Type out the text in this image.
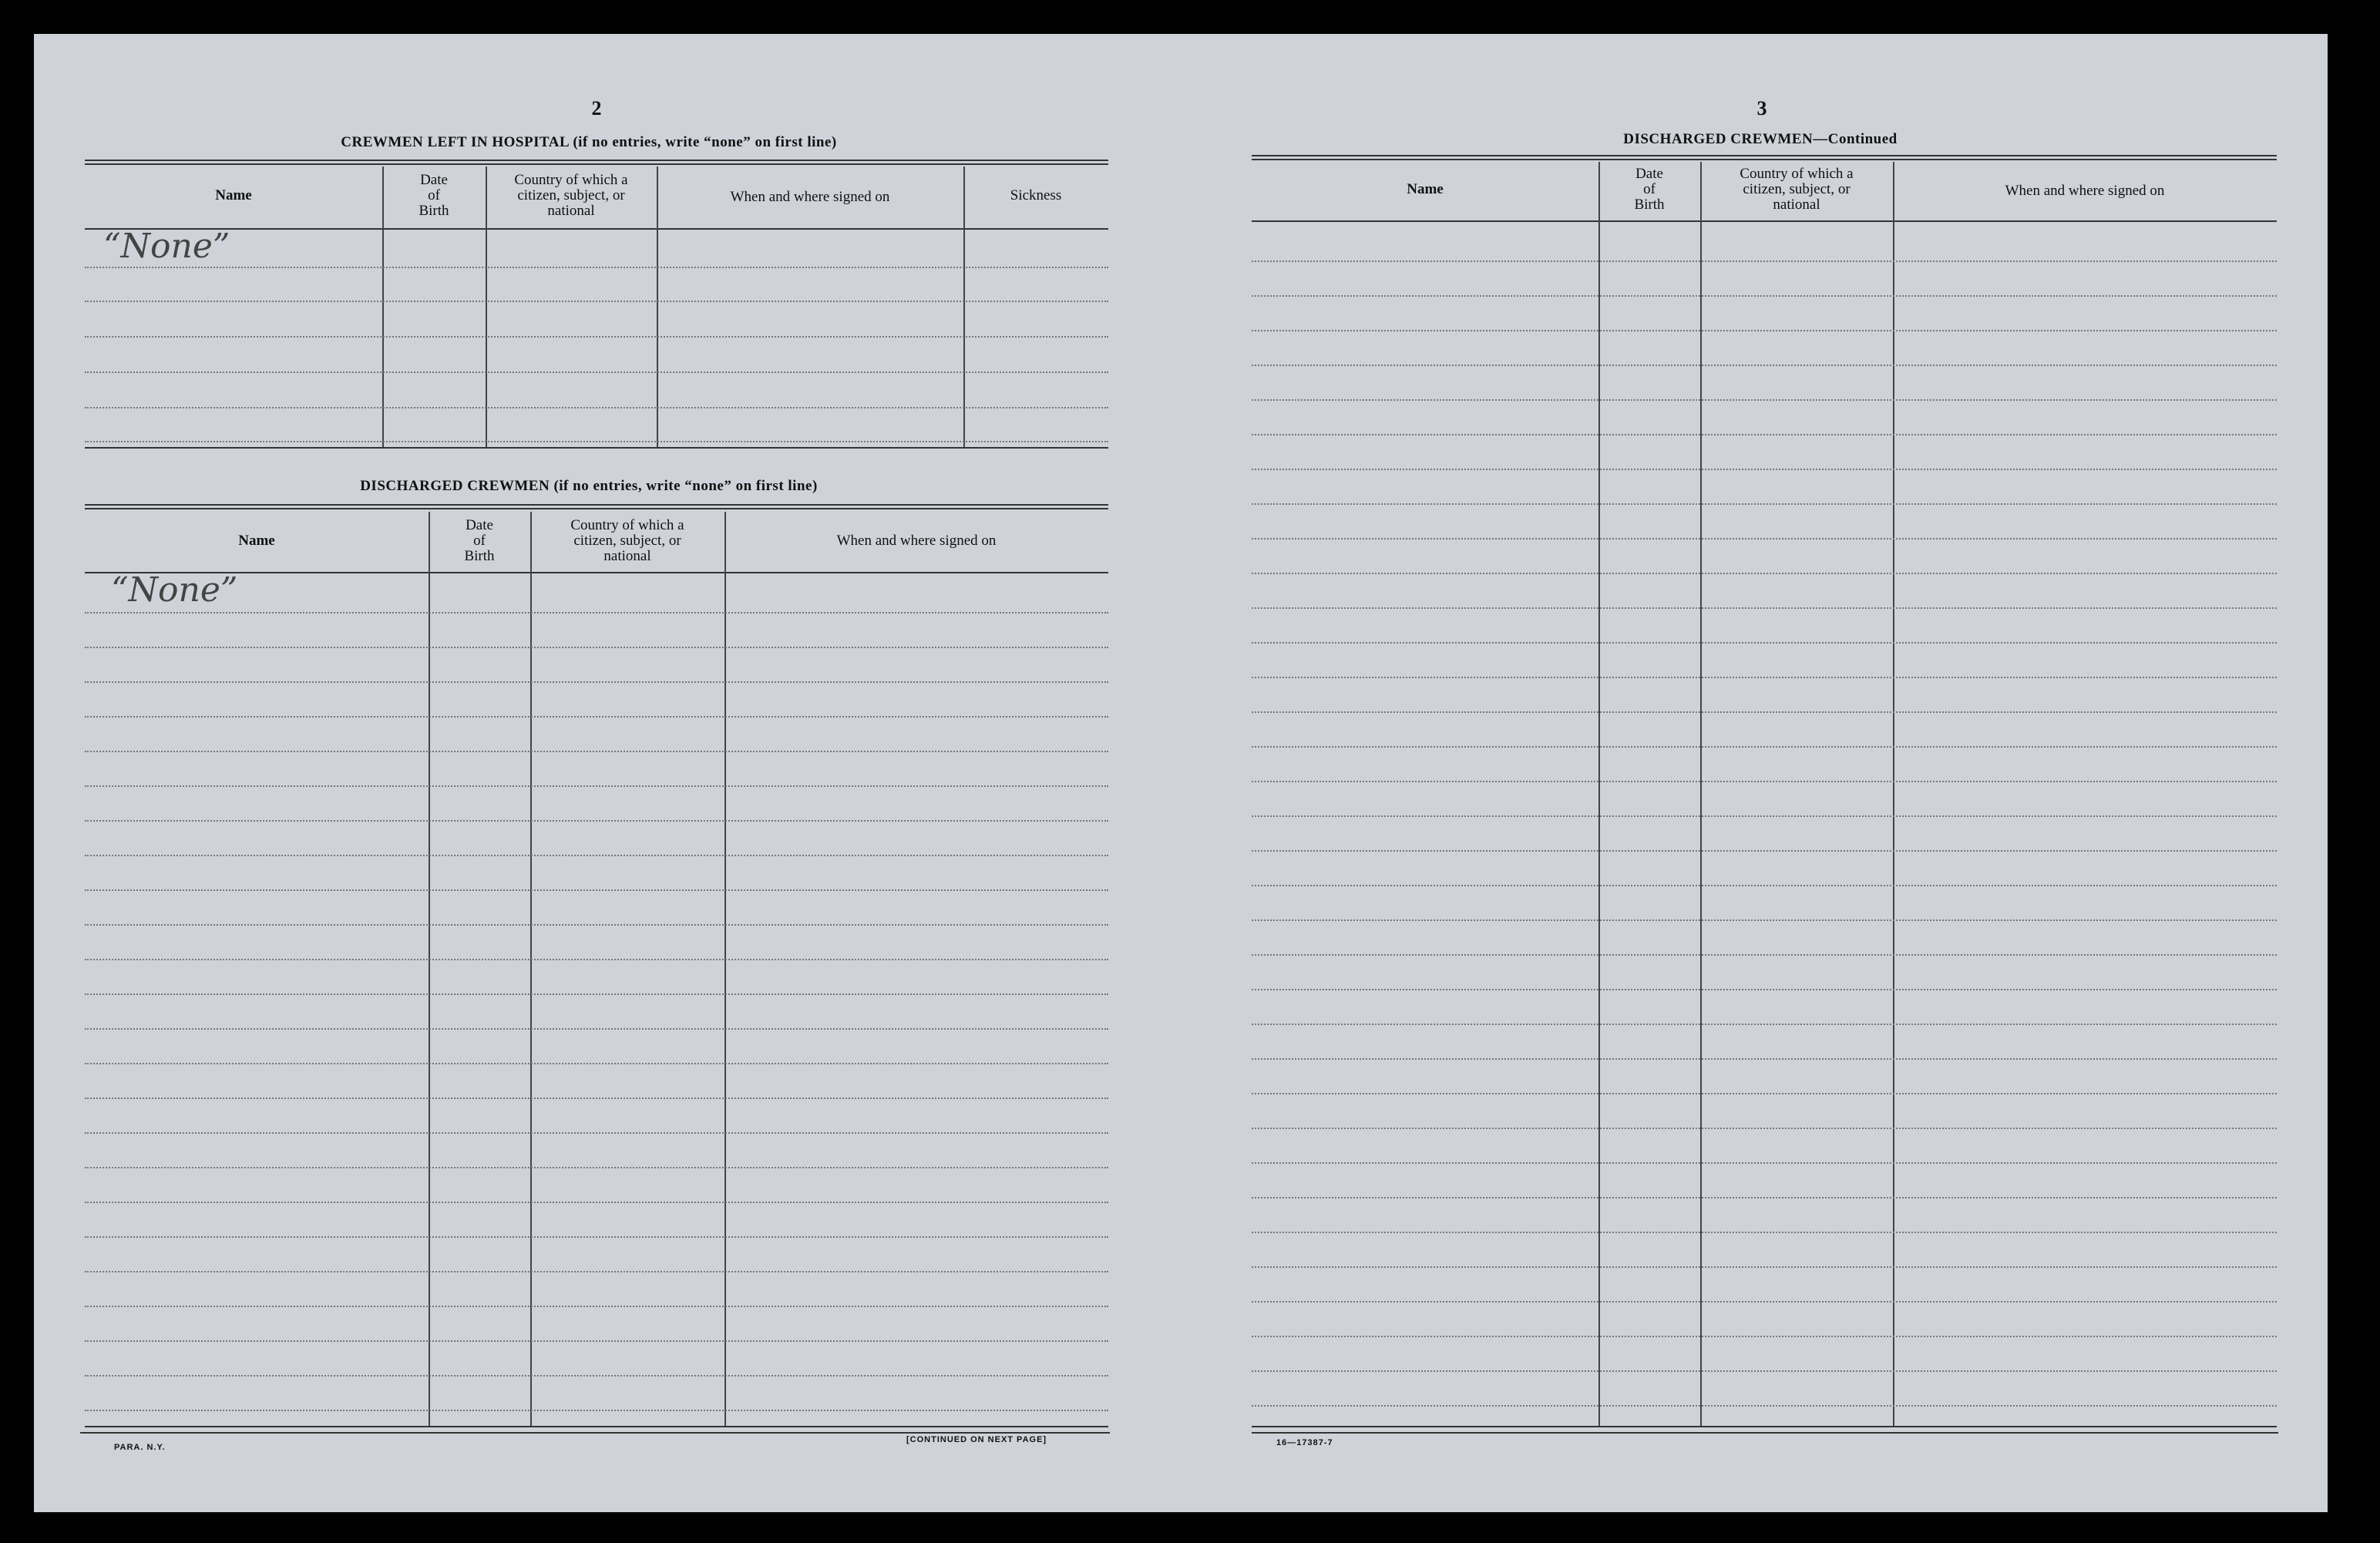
2
CREWMEN LEFT IN HOSPITAL (if no entries, write “none” on first line)
Name
Date
of
Birth
Country of which a
citizen, subject, or
national
When and where signed on	Sickness
“None”
DISCHARGED CREWMEN (if no entries, write “none” on first line)
Name
Date
of
Birth
Country of which a
citizen, subject, or
national
When and where signed on
“None”
PARA. N.Y.
[CONTINUED ON NEXT PAGE]
3
DISCHARGED CREWMEN—Continued
Name
Date
of
Birth
Country of which a
citizen, subject, or
national
When and where signed on
16—17387-7
